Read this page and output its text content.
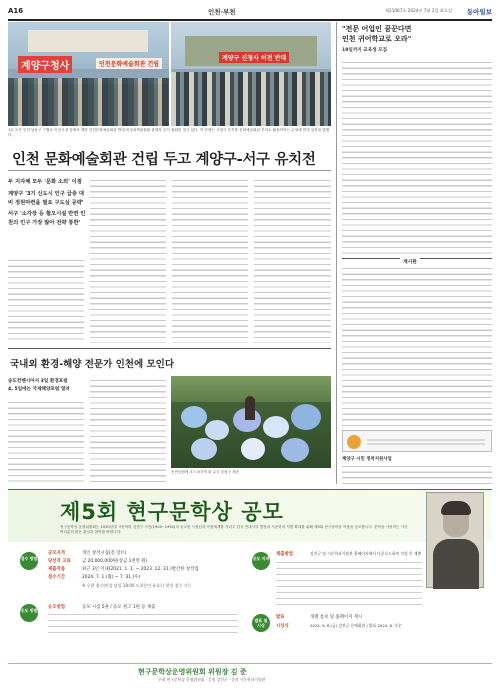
A16	인천·부천	제21067호 2024년 7월 2일 화요일 동아일보
계양구청사	인천문화예술회관 건립
계양구 신청사 이전 반대
1일 오후 인천 남동구 구월동 인천시청 앞에서 계양 인천문화예술회관 반대 비상대책위원회 관계자 등이 집회를 열고 있다. 이 단체는 시청사 부지를 문화예술회관 부지로 활용하자는 주장에 반대 입장을 밝혔다.
인천 문화예술회관 건립 두고 계양구-서구 유치전
두 지자체 모두 '문화 소외' 이점
계양구 '3기 신도시 인구 급증 대비 정원마련을 필요 구도심 공략'
서구 '소각장 등 혐오시설 반면 인천의 인구 가장 많아 전략 통한'
국내외 환경-해양 전문가 인천에 모인다
송도컨벤시아서 3일 환경포럼
4, 5일에는 국제해양포럼 열려
송연공원에 흐드러지게 핀 수국 부평구 제공
"전문 어업인 꿈꾼다면
인천 귀어학교로 오라"
19일까지 교육생 모집
게시판
계양구 시민 정착지원사업
제5회 현구문학상 공모
현구문학상 운영위원회는 1930년대 시문학파 김현구 시인(1904~1950)의 숭고한 시정신과 작품세계를 기리고 한국 현대시의 발전과 시문학의 저변 확대를 위해 제5회 현구문학상 작품을 공모합니다. 문학을 사랑하는 시인 여러분의 많은 관심과 참여를 바랍니다.
접수 방법
응모 방법
공모자격	개인 창작시집(전 장르)
당선작 고료	금 20,000,000원(상금 1천만 원)
제출작품	최근 3년 이내(2021. 1. 1. ~ 2023. 12. 31.)발간한 창작집
접수기간	2024. 7. 1.(월) ~ 7. 31.(수)
※ 우편 접수(마감 당일 18:00 도착분만 유효) / 현장 접수 가능
응모방법	응모 시집 5권 / 응모 원고 1편 등 제출
공모 자격
발표 및 시상
제출방법	강진군 및 시문학파기념관 홈페이지에서 다운로드하여 작성 후 제출
발표	개별 통보 및 홈페이지 게시
시상식	2024. 9. 6.(금) 강진군 문예회관 / 발표 2024. 8. 중순
현구문학상운영위원회 위원장 김 준
주최 현구문학상 운영위원회 · 후원 강진군 · 문의 시문학파기념관
